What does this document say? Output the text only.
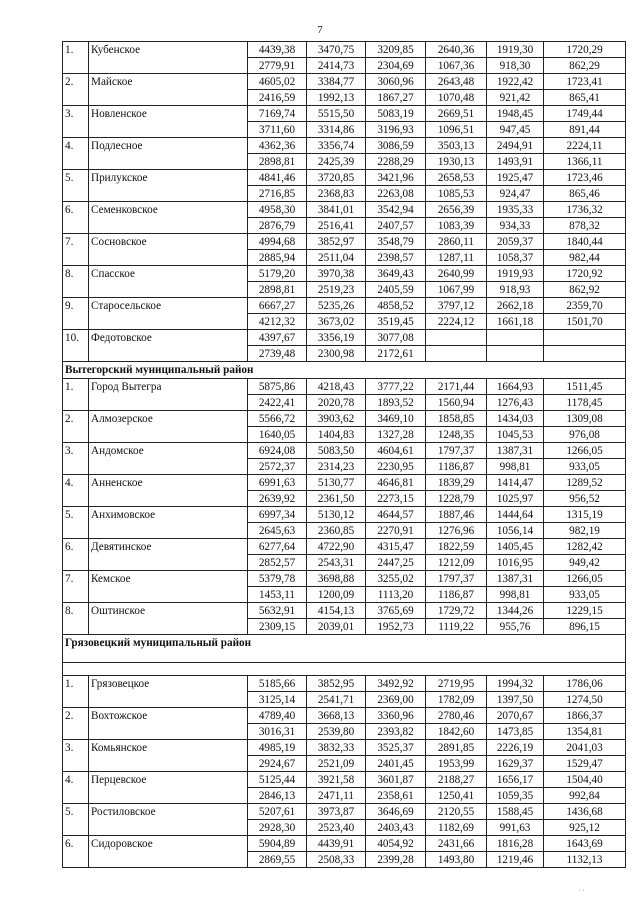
7
1.	Кубенское	4439,38	3470,75	3209,85	2640,36	1919,30	1720,29
		2779,91	2414,73	2304,69	1067,36	918,30	862,29
2.	Майское	4605,02	3384,77	3060,96	2643,48	1922,42	1723,41
		2416,59	1992,13	1867,27	1070,48	921,42	865,41
3.	Новленское	7169,74	5515,50	5083,19	2669,51	1948,45	1749,44
		3711,60	3314,86	3196,93	1096,51	947,45	891,44
4.	Подлесное	4362,36	3356,74	3086,59	3503,13	2494,91	2224,11
		2898,81	2425,39	2288,29	1930,13	1493,91	1366,11
5.	Прилукское	4841,46	3720,85	3421,96	2658,53	1925,47	1723,46
		2716,85	2368,83	2263,08	1085,53	924,47	865,46
6.	Семенковское	4958,30	3841,01	3542,94	2656,39	1935,33	1736,32
		2876,79	2516,41	2407,57	1083,39	934,33	878,32
7.	Сосновское	4994,68	3852,97	3548,79	2860,11	2059,37	1840,44
		2885,94	2511,04	2398,57	1287,11	1058,37	982,44
8.	Спасское	5179,20	3970,38	3649,43	2640,99	1919,93	1720,92
		2898,81	2519,23	2405,59	1067,99	918,93	862,92
9.	Старосельское	6667,27	5235,26	4858,52	3797,12	2662,18	2359,70
		4212,32	3673,02	3519,45	2224,12	1661,18	1501,70
10.	Федотовское	4397,67	3356,19	3077,08			
		2739,48	2300,98	2172,61			
Вытегорский муниципальный район							
1.	Город Вытегра	5875,86	4218,43	3777,22	2171,44	1664,93	1511,45
		2422,41	2020,78	1893,52	1560,94	1276,43	1178,45
2.	Алмозерское	5566,72	3903,62	3469,10	1858,85	1434,03	1309,08
		1640,05	1404,83	1327,28	1248,35	1045,53	976,08
3.	Андомское	6924,08	5083,50	4604,61	1797,37	1387,31	1266,05
		2572,37	2314,23	2230,95	1186,87	998,81	933,05
4.	Анненское	6991,63	5130,77	4646,81	1839,29	1414,47	1289,52
		2639,92	2361,50	2273,15	1228,79	1025,97	956,52
5.	Анхимовское	6997,34	5130,12	4644,57	1887,46	1444,64	1315,19
		2645,63	2360,85	2270,91	1276,96	1056,14	982,19
6.	Девятинское	6277,64	4722,90	4315,47	1822,59	1405,45	1282,42
		2852,57	2543,31	2447,25	1212,09	1016,95	949,42
7.	Кемское	5379,78	3698,88	3255,02	1797,37	1387,31	1266,05
		1453,11	1200,09	1113,20	1186,87	998,81	933,05
8.	Оштинское	5632,91	4154,13	3765,69	1729,72	1344,26	1229,15
		2309,15	2039,01	1952,73	1119,22	955,76	896,15
Грязовецкий муниципальный район							

1.	Грязовецкое	5185,66	3852,95	3492,92	2719,95	1994,32	1786,06
		3125,14	2541,71	2369,00	1782,09	1397,50	1274,50
2.	Вохтожское	4789,40	3668,13	3360,96	2780,46	2070,67	1866,37
		3016,31	2539,80	2393,82	1842,60	1473,85	1354,81
3.	Комьянское	4985,19	3832,33	3525,37	2891,85	2226,19	2041,03
		2924,67	2521,09	2401,45	1953,99	1629,37	1529,47
4.	Перцевское	5125,44	3921,58	3601,87	2188,27	1656,17	1504,40
		2846,13	2471,11	2358,61	1250,41	1059,35	992,84
5.	Ростиловское	5207,61	3973,87	3646,69	2120,55	1588,45	1436,68
		2928,30	2523,40	2403,43	1182,69	991,63	925,12
6.	Сидоровское	5904,89	4439,91	4054,92	2431,66	1816,28	1643,69
		2869,55	2508,33	2399,28	1493,80	1219,46	1132,13
' '
